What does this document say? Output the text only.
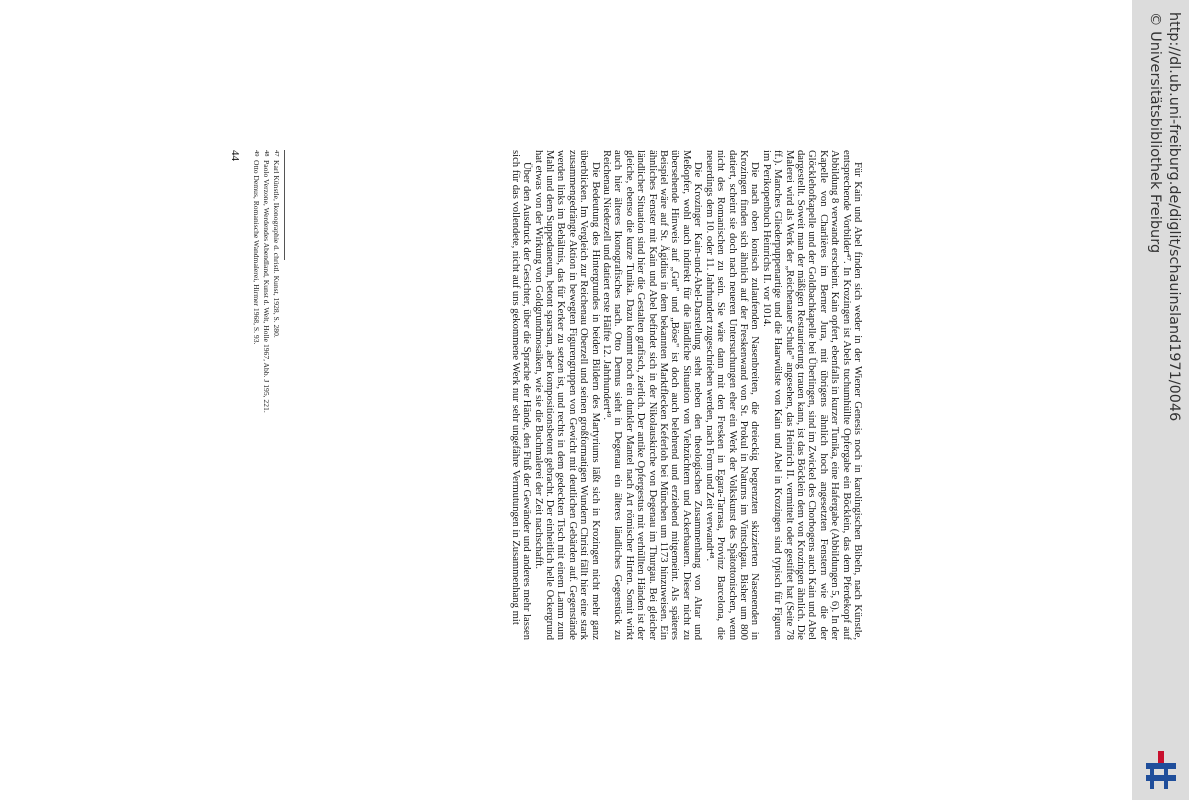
Für Kain und Abel finden sich weder in der Wiener Genesis noch in karolingischen Bibeln, nach Künstle, entsprechende Vorbilder⁴⁷. In Krozingen ist Abels tuchumhüllte Opfergabe ein Böcklein, das dem Pferdekopf auf Abbildung 8 verwandt erscheint. Kain opfert, ebenfalls in kurzer Tunika, eine Hafergabe (Abbildungen 5, 6). In der Kapelle von Charlières im Berner Jura, mit übrigens ähnlich hoch angesetzten Fenstern wie die der Glöcklehofkapelle und der Goldbachkapelle bei Überlingen, sind im Zwickel des Chorbogens auch Kain und Abel dargestellt. Soweit man der mäßigen Restaurierung trauen kann, ist das Böcklein dem von Krozingen ähnlich. Die Malerei wird als Werk der „Reichenauer Schule" angesehen, das Heinrich II. vermittelt oder gestiftet hat (Seite 78 ff.). Manches Gliederpuppenartige und die Haarwülste von Kain und Abel in Krozingen sind typisch für Figuren im Perikopenbuch Heinrichs II. vor 1014.

Die nach oben konisch zulaufenden Nasenbreiten, die dreieckig begrenzten skizzierten Nasenenden in Krozingen finden sich ähnlich auf der Freskenwand von St. Prokul in Naturns im Vintschgau. Bisher um 800 datiert, scheint sie doch nach neueren Untersuchungen eher ein Werk der Volkskunst des Spätottonischen, wenn nicht des Romanischen zu sein. Sie wäre dann mit den Fresken in Egara-Tarrasa, Provinz Barcelona, die neuerdings dem 10. oder 11. Jahrhundert zugeschrieben werden, nach Form und Zeit verwandt⁴⁸.

Die Krozinger Kain-und-Abel-Darstellung steht neben den theologischen Zusammenhang von Altar und Meßopfer, wohl auch indirekt für die ländliche Situation von Viehzüchtern und Ackerbauern. Dieser nicht zu übersehende Hinweis auf „Gut" und „Böse" ist doch auch belehrend und erziehend mitgemeint. Als späteres Beispiel wäre auf St. Ägidius in dem bekannten Marktflecken Keferloh bei München um 1173 hinzuweisen. Ein ähnliches Fenster mit Kain und Abel befindet sich in der Nikolauskirche von Degenau im Thurgau. Bei gleicher ländlicher Situation sind hier die Gestalten grafisch, zierlich. Der antike Opfergestus mit verhüllten Händen ist der gleiche, ebenso die kurze Tunika. Dazu kommt noch ein dunkler Mantel nach Art römischer Hirten. Somit wirkt auch hier älteres Ikonografisches nach. Otto Demus sieht in Degenau ein älteres ländliches Gegenstück zu Reichenau Niederzell und datiert erste Hälfte 12. Jahrhundert⁴⁹.

Die Bedeutung des Hintergrundes in beiden Bildern des Martyriums läßt sich in Krozingen nicht mehr ganz überblicken. Im Vergleich zur Reichenau Oberzell und seinen großformatigen Wundern Christi fällt hier eine stark zusammengedrängte Aktion in bewegten Figurengruppen von Gewicht mit deutlichen Gebärden auf. Gegenstände werden links im Behältnis, das für Kerker zu setzen ist, und rechts in dem gedeckten Tisch mit einem Lamm zum Mahl und dem Suppedaneum, betont sparsam, aber kompositionsbetont gebracht. Der einheitlich helle Ockergrund hat etwas von der Wirkung von Goldgrundmosaiken, wie sie die Buchmalerei der Zeit nachschafft.

Über den Ausdruck der Gesichter, über die Sprache der Hände, den Fluß der Gewänder und anderes mehr lassen sich für das vollendete, nicht auf uns gekommene Werk nur sehr ungefähre Vermutungen in Zusammenhang mit

47Karl Künstle, Ikonographie d. christl. Kunst, 1928, S. 280.
48Paolo Verzone, Werdendes Abendland, Kunst d. Welt, Holle 1967, Abb. J 195, 221.
49Otto Demus, Romanische Wandmalerei, Hirmer 1968, S. 93.
44	http://dl.ub.uni-freiburg.de/diglit/schauinsland1971/0046
© Universitätsbibliothek Freiburg
